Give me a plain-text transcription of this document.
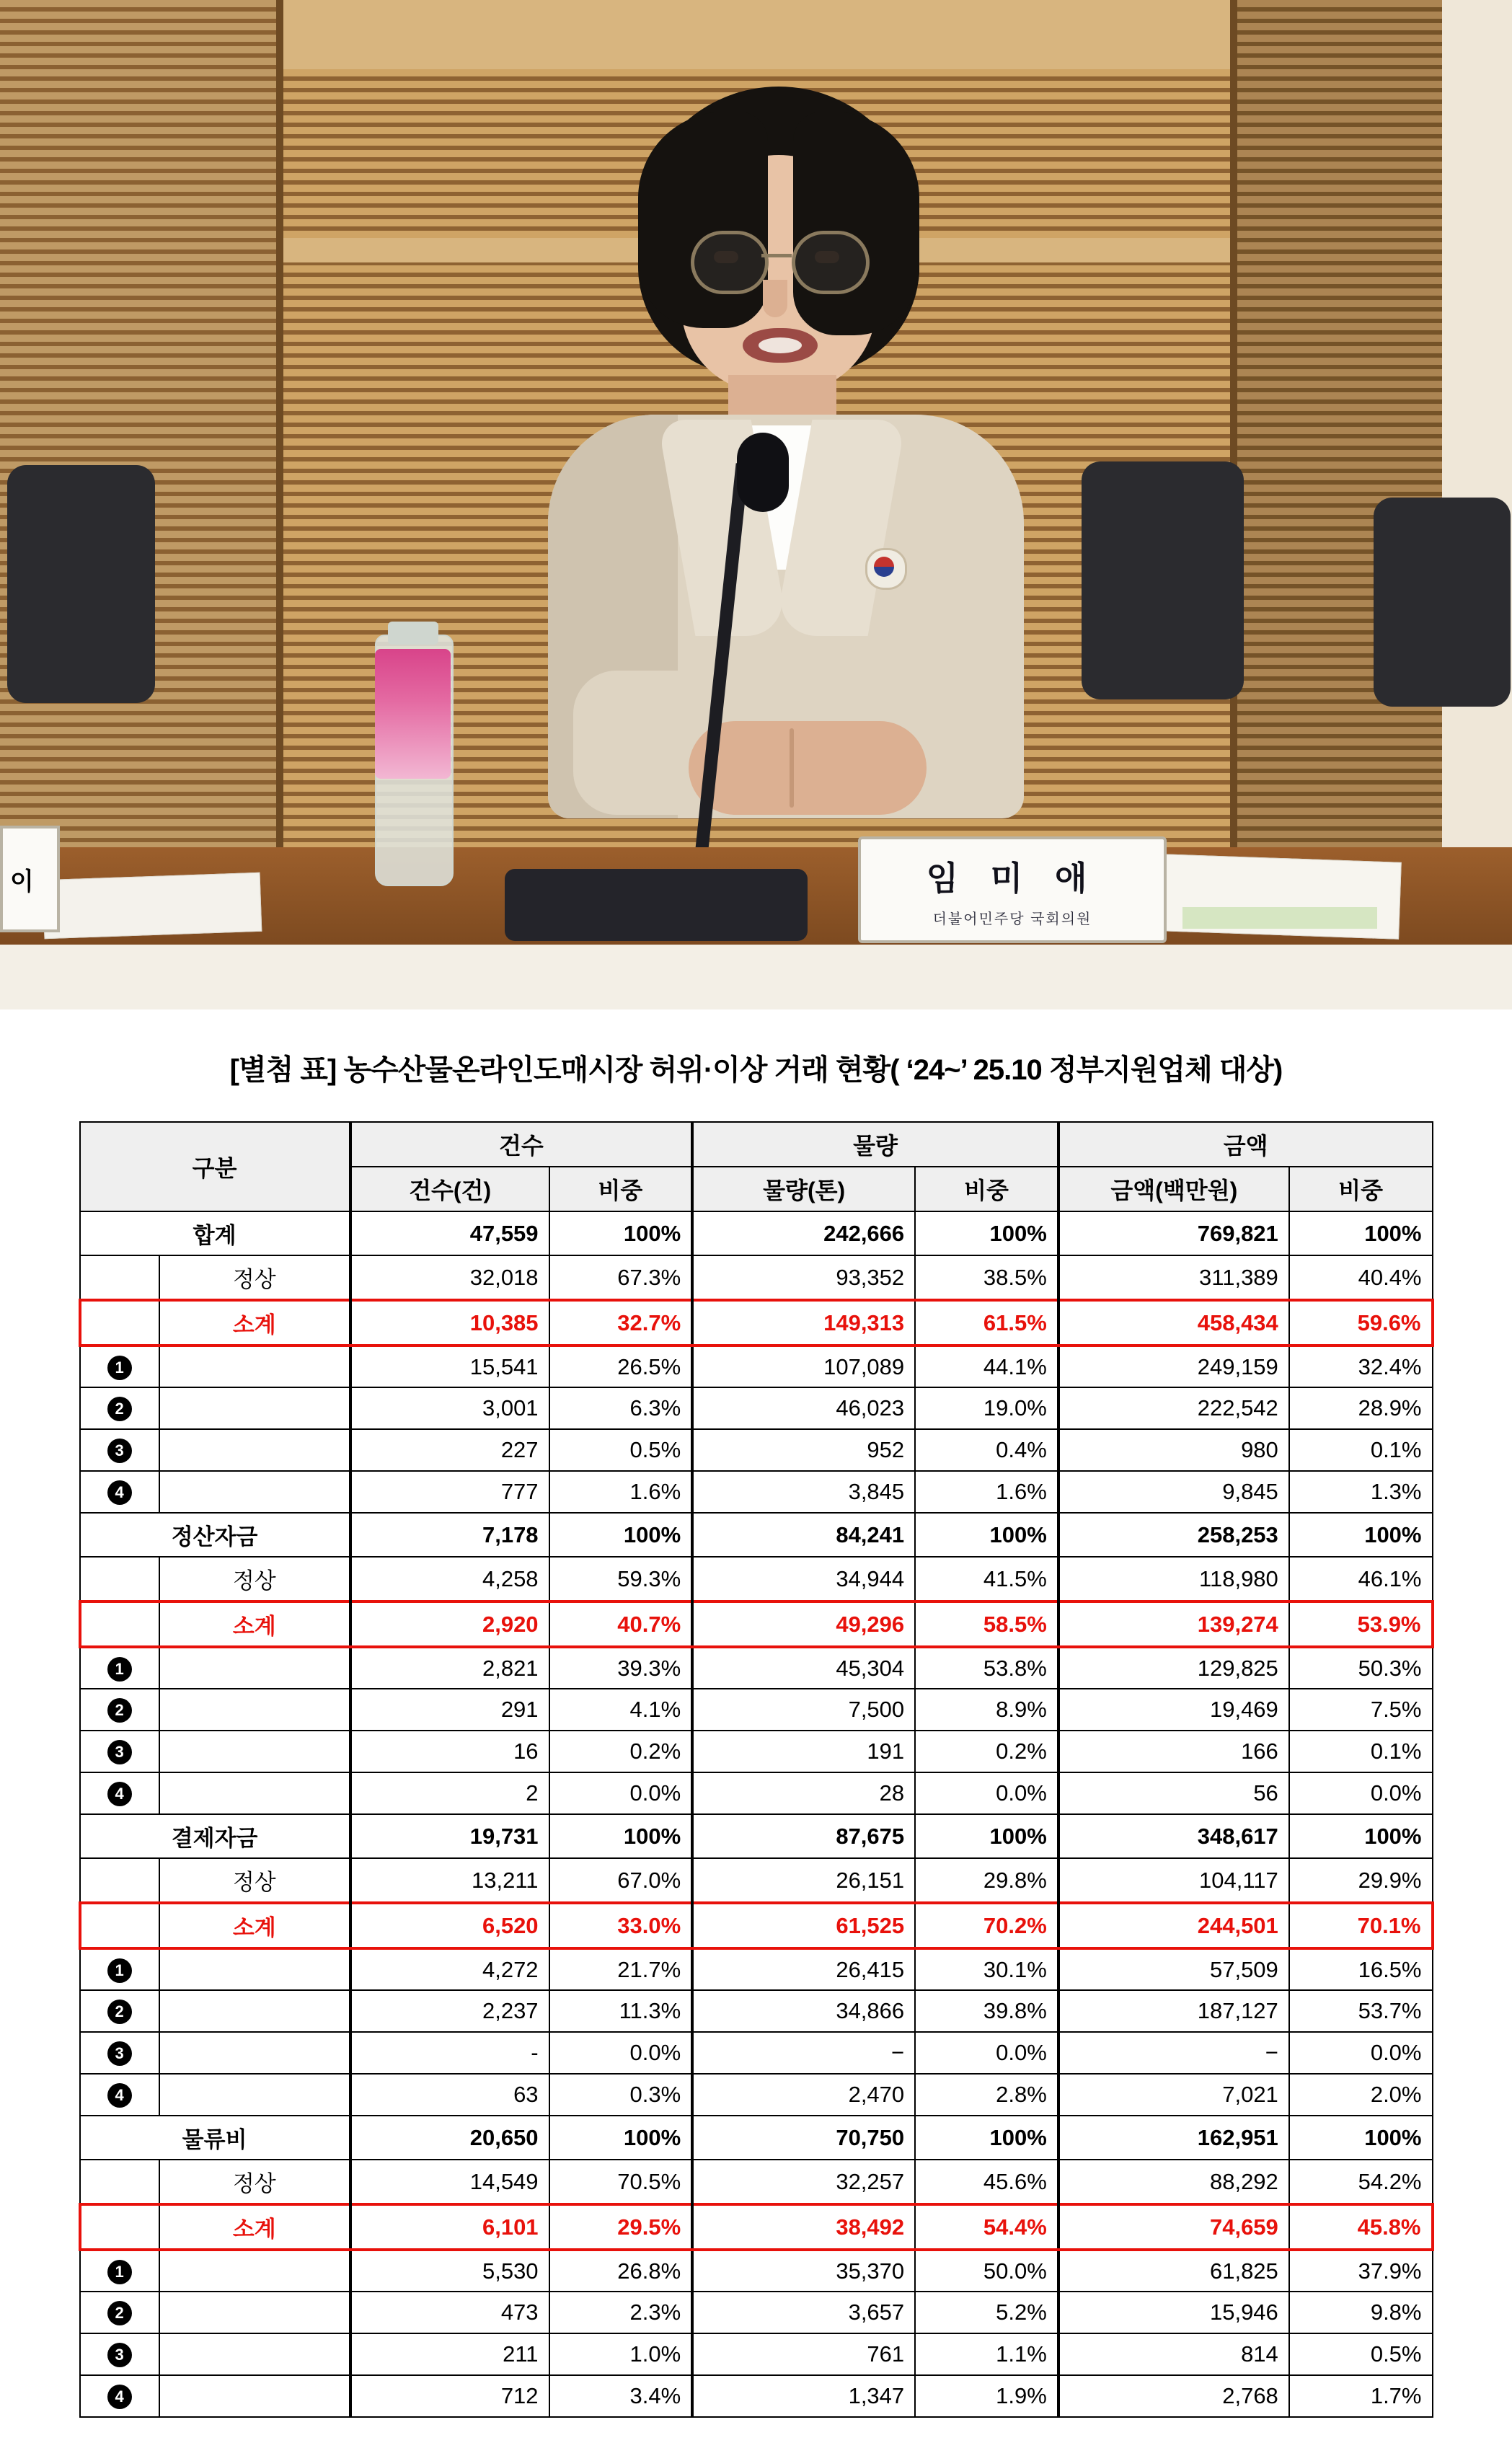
이	임 미 애
더불어민주당 국회의원
[별첨 표] 농수산물온라인도매시장 허위·이상 거래 현황( ‘24~’ 25.10 정부지원업체 대상)
구분		건수		물량		금액	
		건수(건)	비중	물량(톤)	비중	금액(백만원)	비중
합계		47,559	100%	242,666	100%	769,821	100%
	정상	32,018	67.3%	93,352	38.5%	311,389	40.4%
	소계	10,385	32.7%	149,313	61.5%	458,434	59.6%
1		15,541	26.5%	107,089	44.1%	249,159	32.4%
2		3,001	6.3%	46,023	19.0%	222,542	28.9%
3		227	0.5%	952	0.4%	980	0.1%
4		777	1.6%	3,845	1.6%	9,845	1.3%
정산자금		7,178	100%	84,241	100%	258,253	100%
	정상	4,258	59.3%	34,944	41.5%	118,980	46.1%
	소계	2,920	40.7%	49,296	58.5%	139,274	53.9%
1		2,821	39.3%	45,304	53.8%	129,825	50.3%
2		291	4.1%	7,500	8.9%	19,469	7.5%
3		16	0.2%	191	0.2%	166	0.1%
4		2	0.0%	28	0.0%	56	0.0%
결제자금		19,731	100%	87,675	100%	348,617	100%
	정상	13,211	67.0%	26,151	29.8%	104,117	29.9%
	소계	6,520	33.0%	61,525	70.2%	244,501	70.1%
1		4,272	21.7%	26,415	30.1%	57,509	16.5%
2		2,237	11.3%	34,866	39.8%	187,127	53.7%
3		-	0.0%	−	0.0%	−	0.0%
4		63	0.3%	2,470	2.8%	7,021	2.0%
물류비		20,650	100%	70,750	100%	162,951	100%
	정상	14,549	70.5%	32,257	45.6%	88,292	54.2%
	소계	6,101	29.5%	38,492	54.4%	74,659	45.8%
1		5,530	26.8%	35,370	50.0%	61,825	37.9%
2		473	2.3%	3,657	5.2%	15,946	9.8%
3		211	1.0%	761	1.1%	814	0.5%
4		712	3.4%	1,347	1.9%	2,768	1.7%
